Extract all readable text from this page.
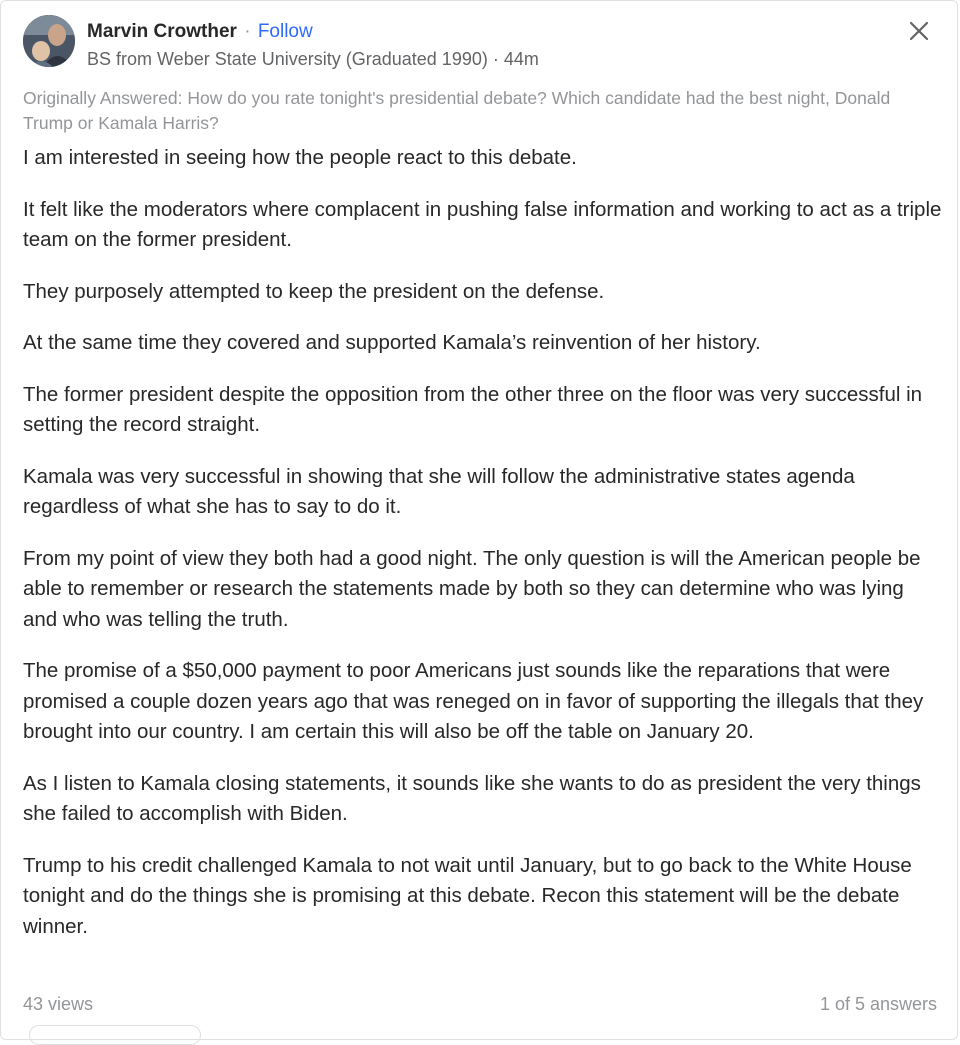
Marvin Crowther · Follow
BS from Weber State University (Graduated 1990) · 44m
Originally Answered: How do you rate tonight's presidential debate? Which candidate had the best night, Donald Trump or Kamala Harris?

I am interested in seeing how the people react to this debate.

It felt like the moderators where complacent in pushing false information and working to act as a triple team on the former president.

They purposely attempted to keep the president on the defense.

At the same time they covered and supported Kamala’s reinvention of her history.

The former president despite the opposition from the other three on the floor was very successful in setting the record straight.

Kamala was very successful in showing that she will follow the administrative states agenda regardless of what she has to say to do it.

From my point of view they both had a good night. The only question is will the American people be able to remember or research the statements made by both so they can determine who was lying and who was telling the truth.

The promise of a $50,000 payment to poor Americans just sounds like the reparations that were promised a couple dozen years ago that was reneged on in favor of supporting the illegals that they brought into our country. I am certain this will also be off the table on January 20.

As I listen to Kamala closing statements, it sounds like she wants to do as president the very things she failed to accomplish with Biden.

Trump to his credit challenged Kamala to not wait until January, but to go back to the White House tonight and do the things she is promising at this debate. Recon this statement will be the debate winner.

43 views	1 of 5 answers
